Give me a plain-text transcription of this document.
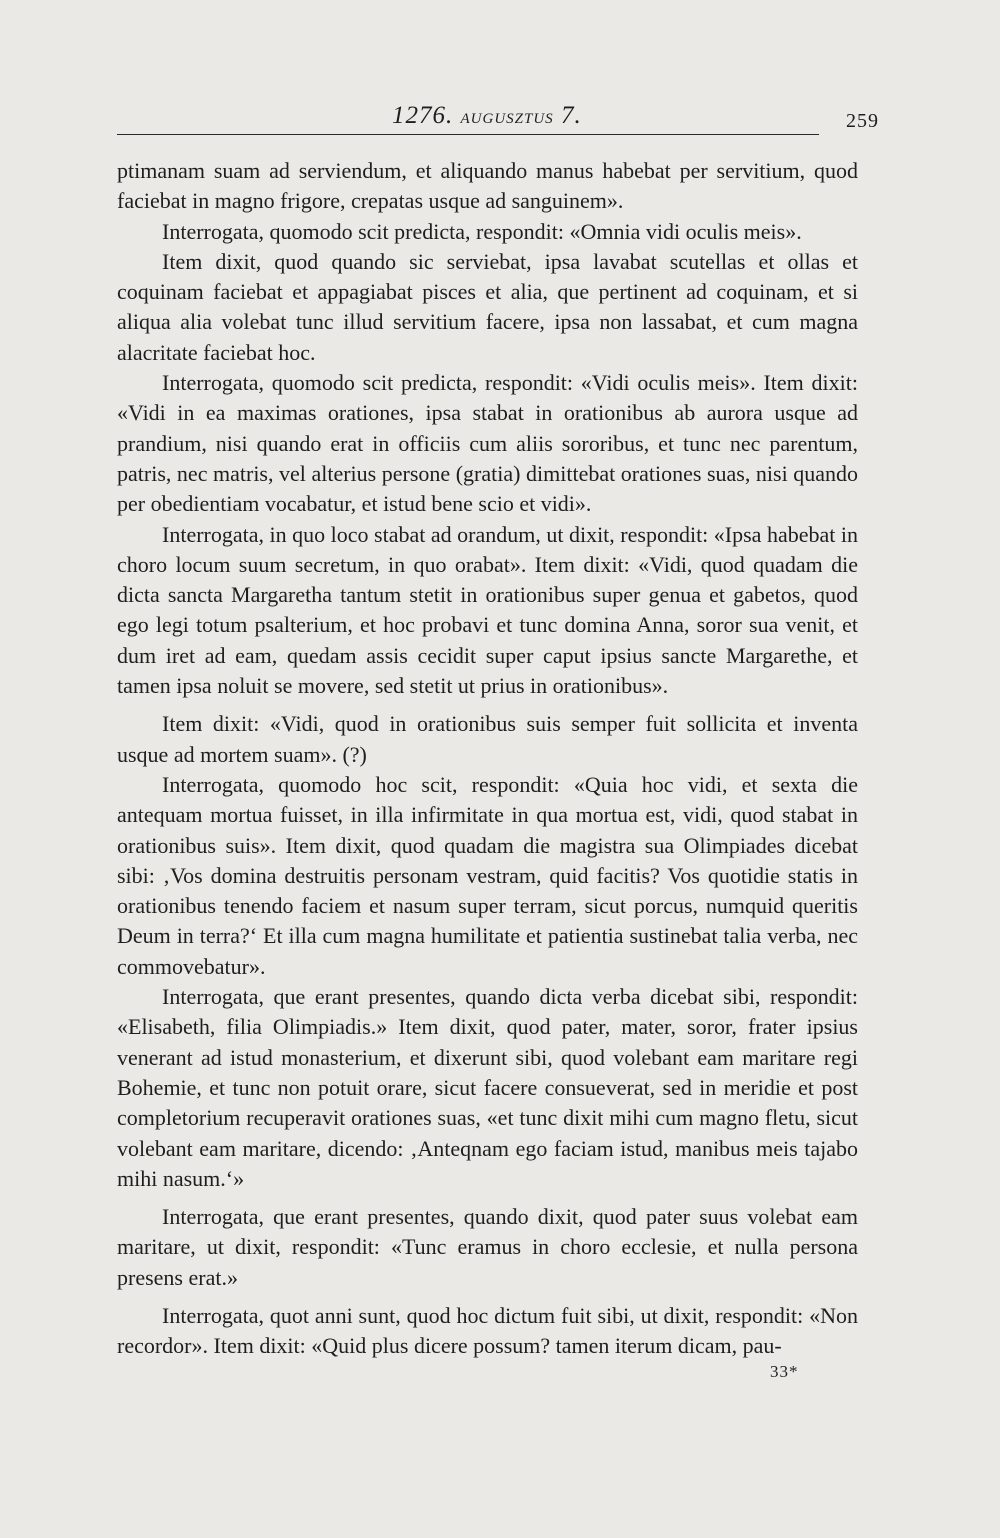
1276. AUGUSZTUS 7.	259

ptimanam suam ad serviendum, et aliquando manus habebat per servitium, quod faciebat in magno frigore, crepatas usque ad sanguinem».

Interrogata, quomodo scit predicta, respondit: «Omnia vidi oculis meis».

Item dixit, quod quando sic serviebat, ipsa lavabat scutellas et ollas et coquinam faciebat et appagiabat pisces et alia, que pertinent ad coquinam, et si aliqua alia volebat tunc illud servitium facere, ipsa non lassabat, et cum magna alacritate faciebat hoc.

Interrogata, quomodo scit predicta, respondit: «Vidi oculis meis». Item dixit: «Vidi in ea maximas orationes, ipsa stabat in orationibus ab aurora usque ad prandium, nisi quando erat in officiis cum aliis sororibus, et tunc nec parentum, patris, nec matris, vel alterius persone (gratia) dimittebat orationes suas, nisi quando per obedientiam vocabatur, et istud bene scio et vidi».

Interrogata, in quo loco stabat ad orandum, ut dixit, respondit: «Ipsa habebat in choro locum suum secretum, in quo orabat». Item dixit: «Vidi, quod quadam die dicta sancta Margaretha tantum stetit in orationibus super genua et gabetos, quod ego legi totum psalterium, et hoc probavi et tunc domina Anna, soror sua venit, et dum iret ad eam, quedam assis cecidit super caput ipsius sancte Margarethe, et tamen ipsa noluit se movere, sed stetit ut prius in orationibus».

Item dixit: «Vidi, quod in orationibus suis semper fuit sollicita et inventa usque ad mortem suam». (?)

Interrogata, quomodo hoc scit, respondit: «Quia hoc vidi, et sexta die antequam mortua fuisset, in illa infirmitate in qua mortua est, vidi, quod stabat in orationibus suis». Item dixit, quod quadam die magistra sua Olimpiades dicebat sibi: ‚Vos domina destruitis personam vestram, quid facitis? Vos quotidie statis in orationibus tenendo faciem et nasum super terram, sicut porcus, numquid queritis Deum in terra?‘ Et illa cum magna humilitate et patientia sustinebat talia verba, nec commovebatur».

Interrogata, que erant presentes, quando dicta verba dicebat sibi, respondit: «Elisabeth, filia Olimpiadis.» Item dixit, quod pater, mater, soror, frater ipsius venerant ad istud monasterium, et dixerunt sibi, quod volebant eam maritare regi Bohemie, et tunc non potuit orare, sicut facere consueverat, sed in meridie et post completorium recuperavit orationes suas, «et tunc dixit mihi cum magno fletu, sicut volebant eam maritare, dicendo: ‚Anteqnam ego faciam istud, manibus meis tajabo mihi nasum.‘»

Interrogata, que erant presentes, quando dixit, quod pater suus volebat eam maritare, ut dixit, respondit: «Tunc eramus in choro ecclesie, et nulla persona presens erat.»

Interrogata, quot anni sunt, quod hoc dictum fuit sibi, ut dixit, respondit: «Non recordor». Item dixit: «Quid plus dicere possum? tamen iterum dicam, pau-

33*
